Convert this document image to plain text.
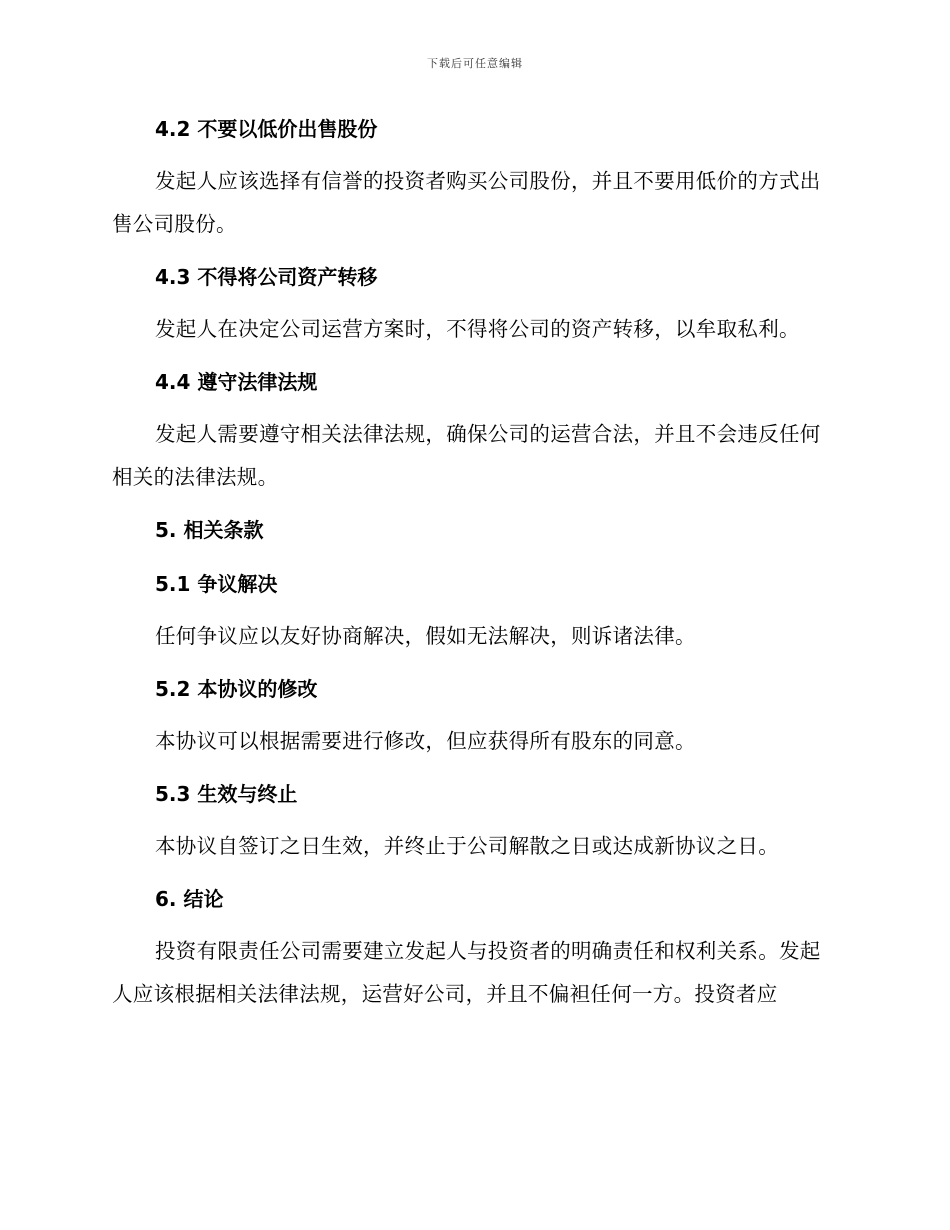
下载后可任意编辑
4.2 不要以低价出售股份
发起人应该选择有信誉的投资者购买公司股份，并且不要用低价的方式出售公司股份。
4.3 不得将公司资产转移
发起人在决定公司运营方案时，不得将公司的资产转移，以牟取私利。
4.4 遵守法律法规
发起人需要遵守相关法律法规，确保公司的运营合法，并且不会违反任何相关的法律法规。
5. 相关条款
5.1 争议解决
任何争议应以友好协商解决，假如无法解决，则诉诸法律。
5.2 本协议的修改
本协议可以根据需要进行修改，但应获得所有股东的同意。
5.3 生效与终止
本协议自签订之日生效，并终止于公司解散之日或达成新协议之日。
6. 结论
投资有限责任公司需要建立发起人与投资者的明确责任和权利关系。发起人应该根据相关法律法规，运营好公司，并且不偏袒任何一方。投资者应
